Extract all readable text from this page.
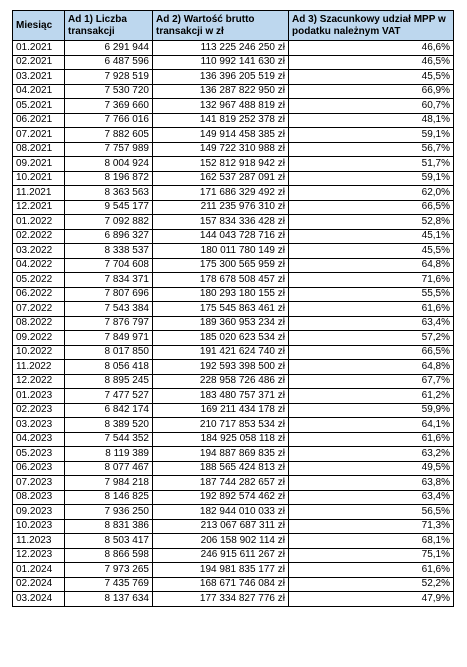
Miesiąc	Ad 1) Liczba transakcji	Ad 2) Wartość brutto transakcji w zł	Ad 3) Szacunkowy udział MPP w podatku należnym VAT
01.2021	6 291 944	113 225 246 250 zł	46,6%
02.2021	6 487 596	110 992 141 630 zł	46,5%
03.2021	7 928 519	136 396 205 519 zł	45,5%
04.2021	7 530 720	136 287 822 950 zł	66,9%
05.2021	7 369 660	132 967 488 819 zł	60,7%
06.2021	7 766 016	141 819 252 378 zł	48,1%
07.2021	7 882 605	149 914 458 385 zł	59,1%
08.2021	7 757 989	149 722 310 988 zł	56,7%
09.2021	8 004 924	152 812 918 942 zł	51,7%
10.2021	8 196 872	162 537 287 091 zł	59,1%
11.2021	8 363 563	171 686 329 492 zł	62,0%
12.2021	9 545 177	211 235 976 310 zł	66,5%
01.2022	7 092 882	157 834 336 428 zł	52,8%
02.2022	6 896 327	144 043 728 716 zł	45,1%
03.2022	8 338 537	180 011 780 149 zł	45,5%
04.2022	7 704 608	175 300 565 959 zł	64,8%
05.2022	7 834 371	178 678 508 457 zł	71,6%
06.2022	7 807 696	180 293 180 155 zł	55,5%
07.2022	7 543 384	175 545 863 461 zł	61,6%
08.2022	7 876 797	189 360 953 234 zł	63,4%
09.2022	7 849 971	185 020 623 534 zł	57,2%
10.2022	8 017 850	191 421 624 740 zł	66,5%
11.2022	8 056 418	192 593 398 500 zł	64,8%
12.2022	8 895 245	228 958 726 486 zł	67,7%
01.2023	7 477 527	183 480 757 371 zł	61,2%
02.2023	6 842 174	169 211 434 178 zł	59,9%
03.2023	8 389 520	210 717 853 534 zł	64,1%
04.2023	7 544 352	184 925 058 118 zł	61,6%
05.2023	8 119 389	194 887 869 835 zł	63,2%
06.2023	8 077 467	188 565 424 813 zł	49,5%
07.2023	7 984 218	187 744 282 657 zł	63,8%
08.2023	8 146 825	192 892 574 462 zł	63,4%
09.2023	7 936 250	182 944 010 033 zł	56,5%
10.2023	8 831 386	213 067 687 311 zł	71,3%
11.2023	8 503 417	206 158 902 114 zł	68,1%
12.2023	8 866 598	246 915 611 267 zł	75,1%
01.2024	7 973 265	194 981 835 177 zł	61,6%
02.2024	7 435 769	168 671 746 084 zł	52,2%
03.2024	8 137 634	177 334 827 776 zł	47,9%
